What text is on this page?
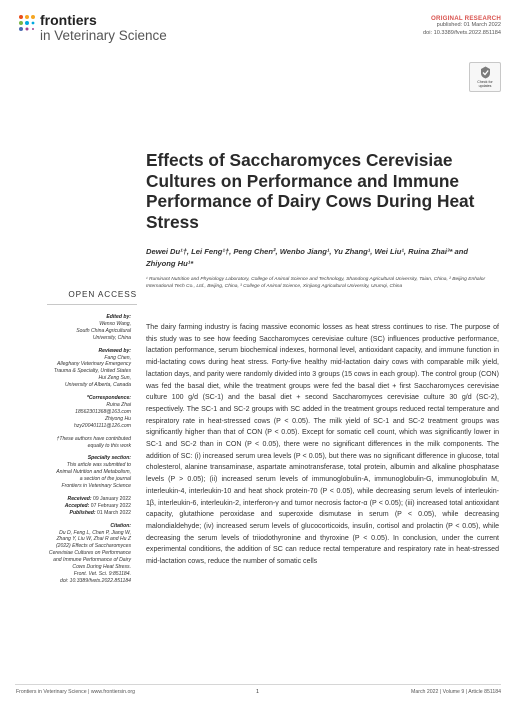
frontiers
in Veterinary Science
ORIGINAL RESEARCH
published: 01 March 2022
doi: 10.3389/fvets.2022.851184
Check for
updates
Effects of Saccharomyces Cerevisiae Cultures on Performance and Immune Performance of Dairy Cows During Heat Stress
Dewei Du¹†, Lei Feng¹†, Peng Chen², Wenbo Jiang¹, Yu Zhang¹, Wei Liu¹, Ruina Zhai³* and Zhiyong Hu¹*
¹ Ruminant Nutrition and Physiology Laboratory, College of Animal Science and Technology, Shandong Agricultural University, Taian, China, ² Beijing Enhalor International Tech Co., Ltd., Beijing, China, ³ College of Animal Science, Xinjiang Agricultural University, Urumqi, China
OPEN ACCESS
Edited by:
Wenxo Wang,
South China Agricultural
University, China
Reviewed by:
Fang Chen,
Alleghany Veterinary Emergency
Trauma & Specialty, United States
Hui Zeng Sun,
University of Alberta, Canada
*Correspondence:
Ruina Zhai
18562301368@163.com
Zhiyong Hu
hzy200401111@126.com
†These authors have contributed
equally to this work
Specialty section:
This article was submitted to
Animal Nutrition and Metabolism,
a section of the journal
Frontiers in Veterinary Science
Received: 09 January 2022
Accepted: 07 February 2022
Published: 01 March 2022
Citation:
Du D, Feng L, Chen P, Jiang W,
Zhang Y, Liu W, Zhai R and Hu Z
(2022) Effects of Saccharomyces
Cerevisiae Cultures on Performance
and Immune Performance of Dairy
Cows During Heat Stress.
Front. Vet. Sci. 9:851184.
doi: 10.3389/fvets.2022.851184
The dairy farming industry is facing massive economic losses as heat stress continues to rise. The purpose of this study was to see how feeding Saccharomyces cerevisiae culture (SC) influences productive performance, lactation performance, serum biochemical indexes, hormonal level, antioxidant capacity, and immune function in mid-lactating cows during heat stress. Forty-five healthy mid-lactation dairy cows with comparable milk yield, lactation days, and parity were randomly divided into 3 groups (15 cows in each group). The control group (CON) was fed the basal diet, while the treatment groups were fed the basal diet + first Saccharomyces cerevisiae culture 100 g/d (SC-1) and the basal diet + second Saccharomyces cerevisiae culture 30 g/d (SC-2), respectively. The SC-1 and SC-2 groups with SC added in the treatment groups reduced rectal temperature and respiratory rate in heat-stressed cows (P < 0.05). The milk yield of SC-1 and SC-2 treatment groups was significantly higher than that of CON (P < 0.05). Except for somatic cell count, which was significantly lower in SC-1 and SC-2 than in CON (P < 0.05), there were no significant differences in the milk components. The addition of SC: (i) increased serum urea levels (P < 0.05), but there was no significant difference in glucose, total cholesterol, alanine transaminase, aspartate aminotransferase, total protein, albumin and alkaline phosphatase levels (P > 0.05); (ii) increased serum levels of immunoglobulin-A, immunoglobulin-G, immunoglobulin M, interleukin-4, interleukin-10 and heat shock protein-70 (P < 0.05), while decreasing serum levels of interleukin-1β, interleukin-6, interleukin-2, interferon-γ and tumor necrosis factor-α (P < 0.05); (iii) increased total antioxidant capacity, glutathione peroxidase and superoxide dismutase in serum (P < 0.05), while decreasing malondialdehyde; (iv) increased serum levels of glucocorticoids, insulin, cortisol and prolactin (P < 0.05), while decreasing the serum levels of triiodothyronine and thyroxine (P < 0.05). In conclusion, under the current experimental conditions, the addition of SC can reduce rectal temperature and respiratory rate in heat-stressed mid-lactation cows, reduce the number of somatic cells
Frontiers in Veterinary Science | www.frontiersin.org	1	March 2022 | Volume 9 | Article 851184
